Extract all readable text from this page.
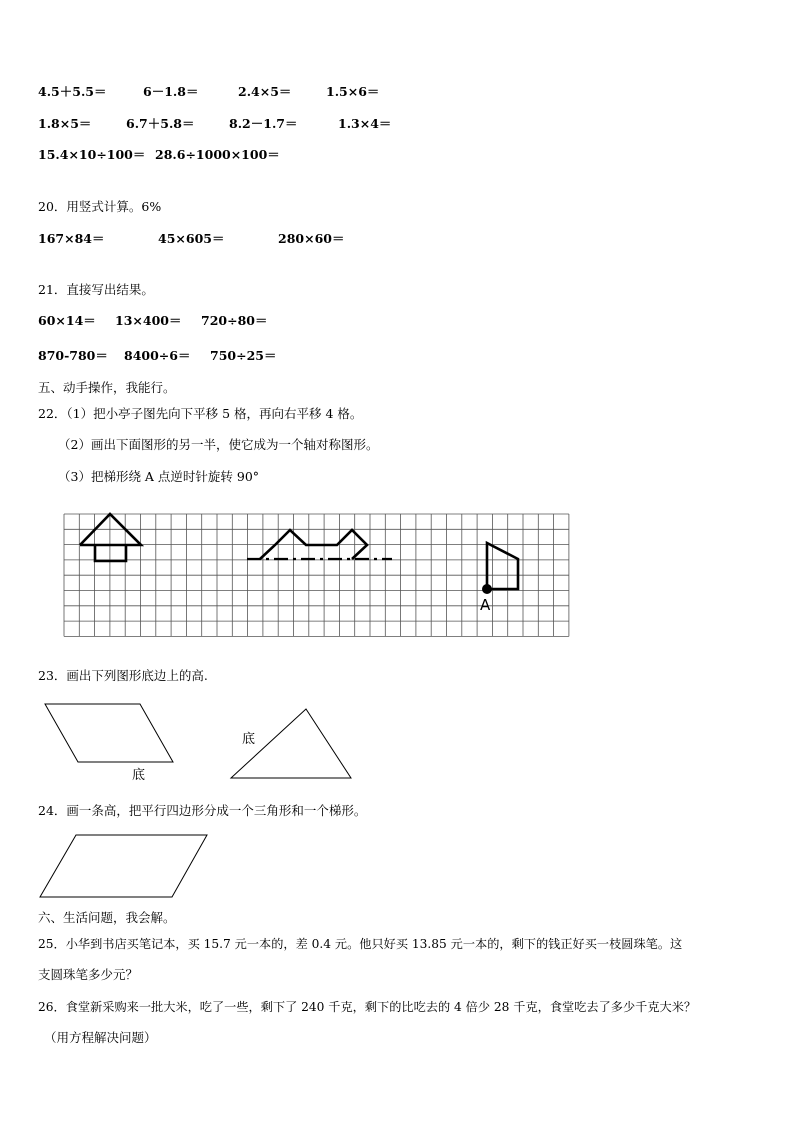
4.5＋5.5＝	6－1.8＝	2.4×5＝	1.5×6＝
1.8×5＝	6.7＋5.8＝	8.2－1.7＝	1.3×4＝
15.4×10÷100＝ 28.6÷1000×100＝
20．用竖式计算。6%
167×84＝	45×605＝	280×60＝
21．直接写出结果。
60×14＝ 13×400＝ 720÷80＝
870-780＝ 8400÷6＝ 750÷25＝
五、动手操作，我能行。
22．（1）把小亭子图先向下平移 5 格，再向右平移 4 格。
（2）画出下面图形的另一半，使它成为一个轴对称图形。
（3）把梯形绕 A 点逆时针旋转 90°
A
23．画出下列图形底边上的高.
底
底
24．画一条高，把平行四边形分成一个三角形和一个梯形。
六、生活问题，我会解。
25．小华到书店买笔记本，买 15.7 元一本的，差 0.4 元。他只好买 13.85 元一本的，剩下的钱正好买一枝圆珠笔。这
支圆珠笔多少元？
26．食堂新采购来一批大米，吃了一些，剩下了 240 千克，剩下的比吃去的 4 倍少 28 千克，食堂吃去了多少千克大米？
（用方程解决问题）
